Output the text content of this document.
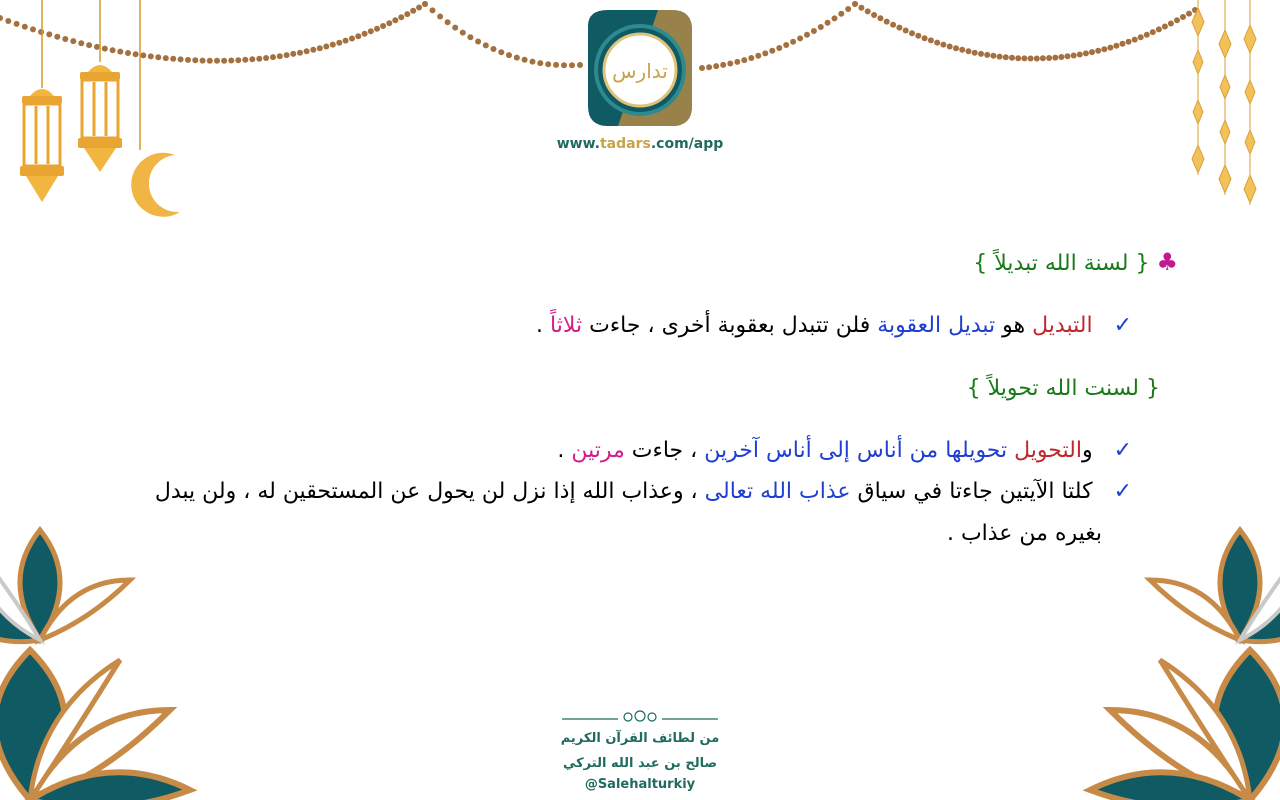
تدارس
www.tadars.com/app
♣ { لسنة الله تبديلاً }
✓ التبديل هو تبديل العقوبة فلن تتبدل بعقوبة أخرى ، جاءت ثلاثاً .
{ لسنت الله تحويلاً }
✓ والتحويل تحويلها من أناس إلى أناس آخرين ، جاءت مرتين .
✓ كلتا الآيتين جاءتا في سياق عذاب الله تعالى ، وعذاب الله إذا نزل لن يحول عن المستحقين له ، ولن يبدل
بغيره من عذاب .
من لطائف القرآن الكريم
صالح بن عبد الله التركي
@Salehalturkiy
